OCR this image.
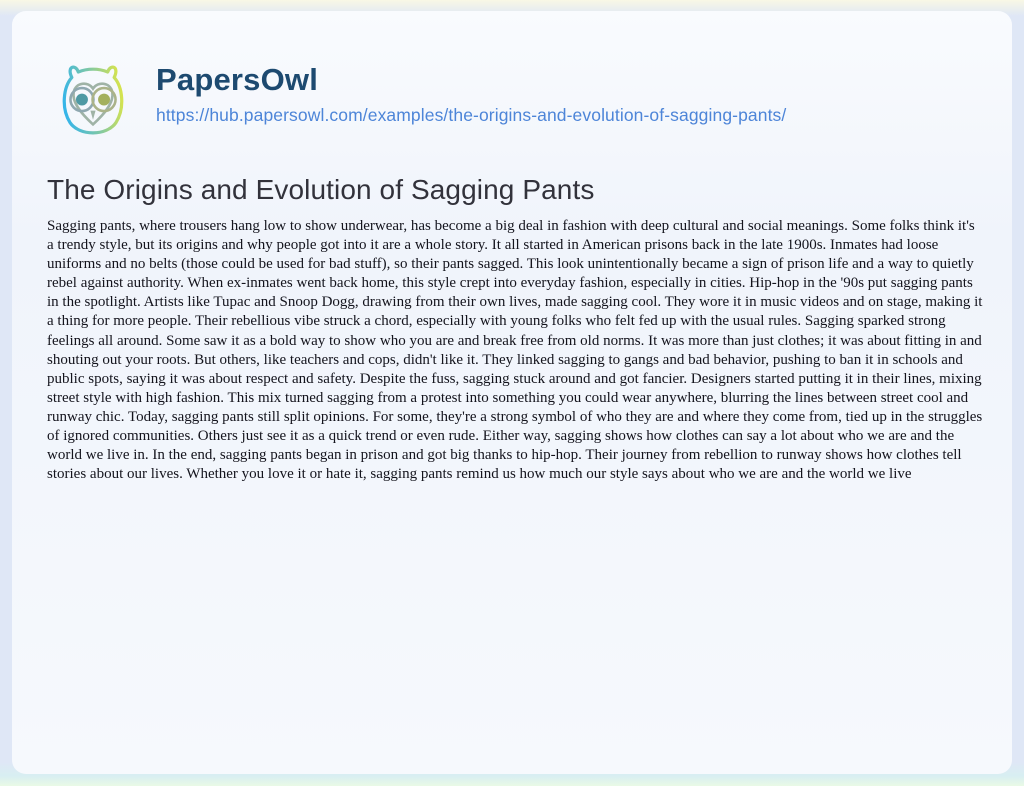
PapersOwl
https://hub.papersowl.com/examples/the-origins-and-evolution-of-sagging-pants/
The Origins and Evolution of Sagging Pants

Sagging pants, where trousers hang low to show underwear, has become a big deal in fashion with deep cultural and social meanings. Some folks think it's a trendy style, but its origins and why people got into it are a whole story. It all started in American prisons back in the late 1900s. Inmates had loose uniforms and no belts (those could be used for bad stuff), so their pants sagged. This look unintentionally became a sign of prison life and a way to quietly rebel against authority. When ex-inmates went back home, this style crept into everyday fashion, especially in cities. Hip-hop in the '90s put sagging pants in the spotlight. Artists like Tupac and Snoop Dogg, drawing from their own lives, made sagging cool. They wore it in music videos and on stage, making it a thing for more people. Their rebellious vibe struck a chord, especially with young folks who felt fed up with the usual rules. Sagging sparked strong feelings all around. Some saw it as a bold way to show who you are and break free from old norms. It was more than just clothes; it was about fitting in and shouting out your roots. But others, like teachers and cops, didn't like it. They linked sagging to gangs and bad behavior, pushing to ban it in schools and public spots, saying it was about respect and safety. Despite the fuss, sagging stuck around and got fancier. Designers started putting it in their lines, mixing street style with high fashion. This mix turned sagging from a protest into something you could wear anywhere, blurring the lines between street cool and runway chic. Today, sagging pants still split opinions. For some, they're a strong symbol of who they are and where they come from, tied up in the struggles of ignored communities. Others just see it as a quick trend or even rude. Either way, sagging shows how clothes can say a lot about who we are and the world we live in. In the end, sagging pants began in prison and got big thanks to hip-hop. Their journey from rebellion to runway shows how clothes tell stories about our lives. Whether you love it or hate it, sagging pants remind us how much our style says about who we are and the world we live
